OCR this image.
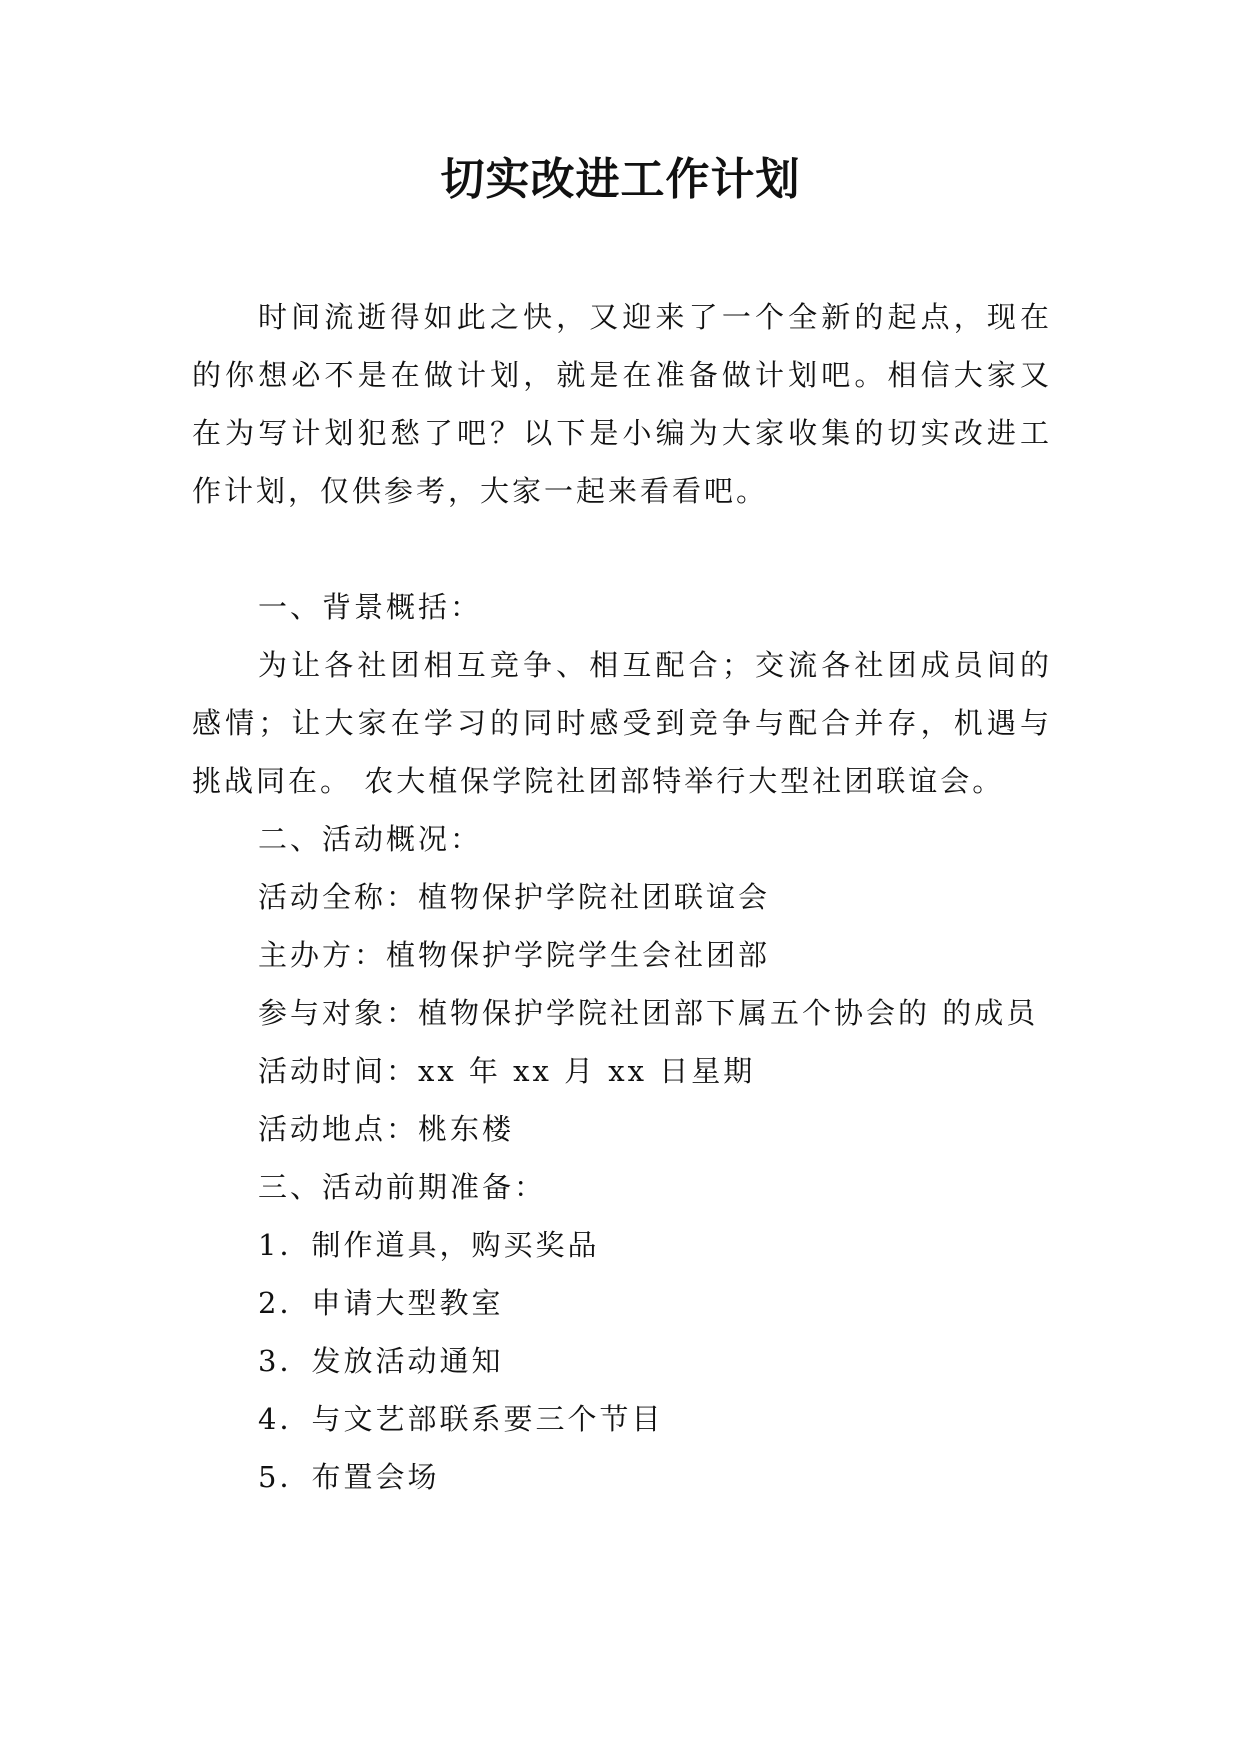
切实改进工作计划

时间流逝得如此之快，又迎来了一个全新的起点，现在的你想必不是在做计划，就是在准备做计划吧。相信大家又在为写计划犯愁了吧？以下是小编为大家收集的切实改进工作计划，仅供参考，大家一起来看看吧。

一、背景概括：

为让各社团相互竞争、相互配合；交流各社团成员间的感情；让大家在学习的同时感受到竞争与配合并存，机遇与挑战同在。 农大植保学院社团部特举行大型社团联谊会。

二、活动概况：

活动全称：植物保护学院社团联谊会

主办方：植物保护学院学生会社团部

参与对象：植物保护学院社团部下属五个协会的 的成员

活动时间：xx 年 xx 月 xx 日星期

活动地点：桃东楼

三、活动前期准备：

1．制作道具，购买奖品

2．申请大型教室

3．发放活动通知

4．与文艺部联系要三个节目

5．布置会场
